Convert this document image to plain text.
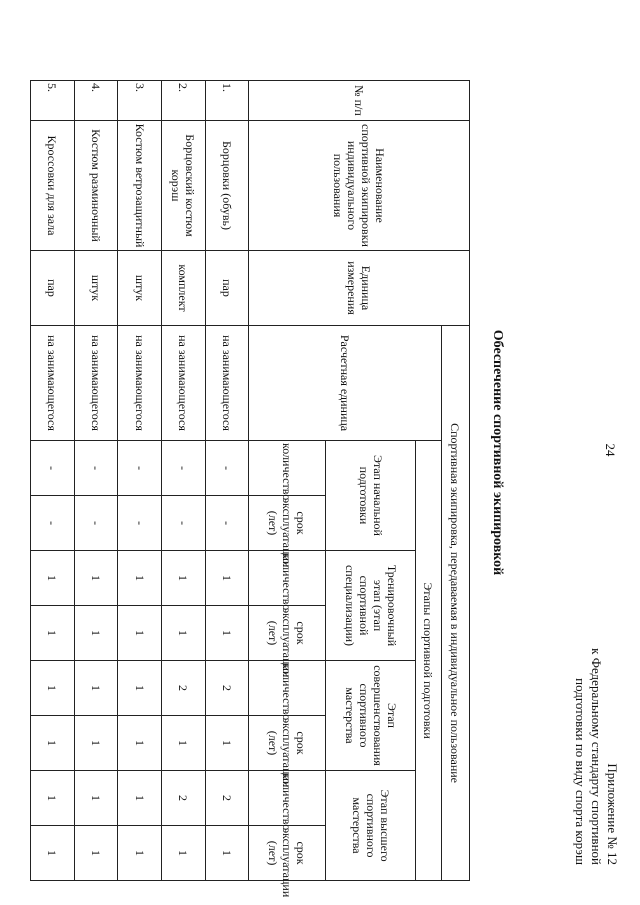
24
Приложение № 12
к Федеральному стандарту спортивной
подготовки по виду спорта корэш
Обеспечение спортивной экипировкой
№ п/п	Наименование спортивной экипировки индивидуального пользования	Единица измерения	Спортивная экипировка, передаваемая в индивидуальное пользование								
			Расчетная единица	Этапы спортивной подготовки							
				Этап начальной подготовки		Тренировочный этап (этап спортивной специализации)		Этап совершенствования спортивного мастерства		Этап высшего спортивного мастерства	
				количество	срок эксплуатации (лет)	количество	срок эксплуатации (лет)	количество	срок эксплуатации (лет)	количество	срок эксплуатации (лет)
1.	Борцовки (обувь)	пар	на занимающегося	-	-	1	1	2	1	2	1
2.	Борцовский костюм корэш	комплект	на занимающегося	-	-	1	1	2	1	2	1
3.	Костюм ветрозащитный	штук	на занимающегося	-	-	1	1	1	1	1	1
4.	Костюм разминочный	штук	на занимающегося	-	-	1	1	1	1	1	1
5.	Кроссовки для зала	пар	на занимающегося	-	-	1	1	1	1	1	1
